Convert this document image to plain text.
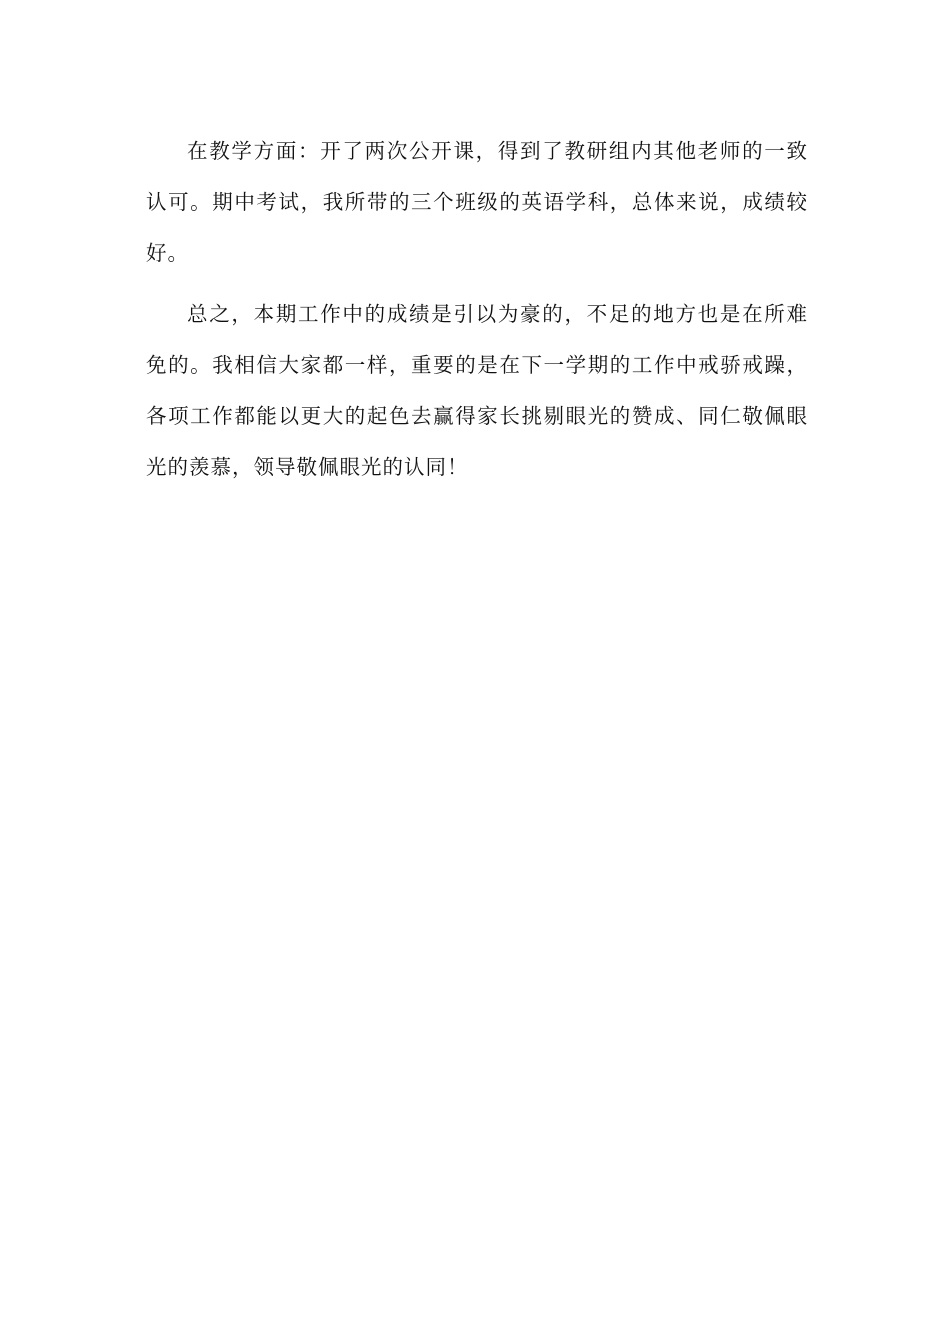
在教学方面：开了两次公开课，得到了教研组内其他老师的一致认可。期中考试，我所带的三个班级的英语学科，总体来说，成绩较好。

总之，本期工作中的成绩是引以为豪的，不足的地方也是在所难免的。我相信大家都一样，重要的是在下一学期的工作中戒骄戒躁，各项工作都能以更大的起色去赢得家长挑剔眼光的赞成、同仁敬佩眼光的羡慕，领导敬佩眼光的认同！
